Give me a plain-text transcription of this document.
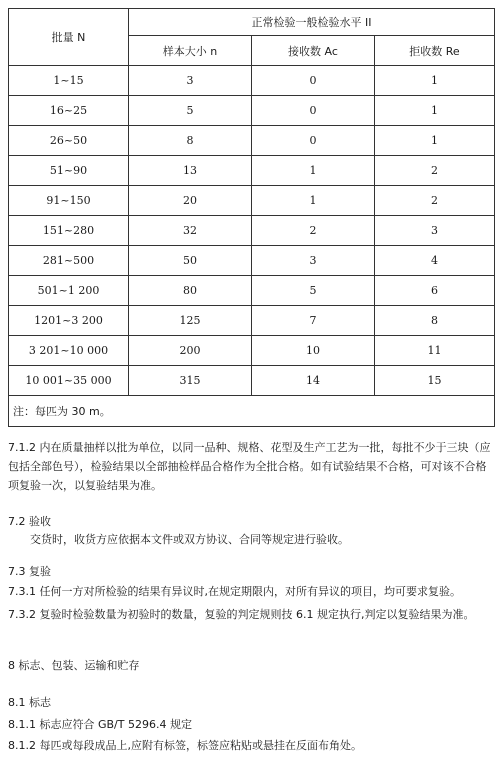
批量 N	正常检验一般检验水平 II		
	样本大小 n	接收数 Ac	拒收数 Re
1~15	3	0	1
16~25	5	0	1
26~50	8	0	1
51~90	13	1	2
91~150	20	1	2
151~280	32	2	3
281~500	50	3	4
501~1 200	80	5	6
1201~3 200	125	7	8
3 201~10 000	200	10	11
10 001~35 000	315	14	15
注：每匹为 30 m。			
7.1.2 内在质量抽样以批为单位，以同一品种、规格、花型及生产工艺为一批，每批不少于三块（应包括全部色号），检验结果以全部抽检样品合格作为全批合格。如有试验结果不合格，可对该不合格项复验一次，以复验结果为准。
7.2 验收
交货时，收货方应依据本文件或双方协议、合同等规定进行验收。
7.3 复验
7.3.1 任何一方对所检验的结果有异议时,在规定期限内，对所有异议的项目，均可要求复验。
7.3.2 复验时检验数量为初验时的数量，复验的判定规则技 6.1 规定执行,判定以复验结果为准。
8 标志、包装、运输和贮存
8.1 标志
8.1.1 标志应符合 GB/T 5296.4 规定
8.1.2 每匹或每段成品上,应附有标签，标签应粘贴或悬挂在反面布角处。
